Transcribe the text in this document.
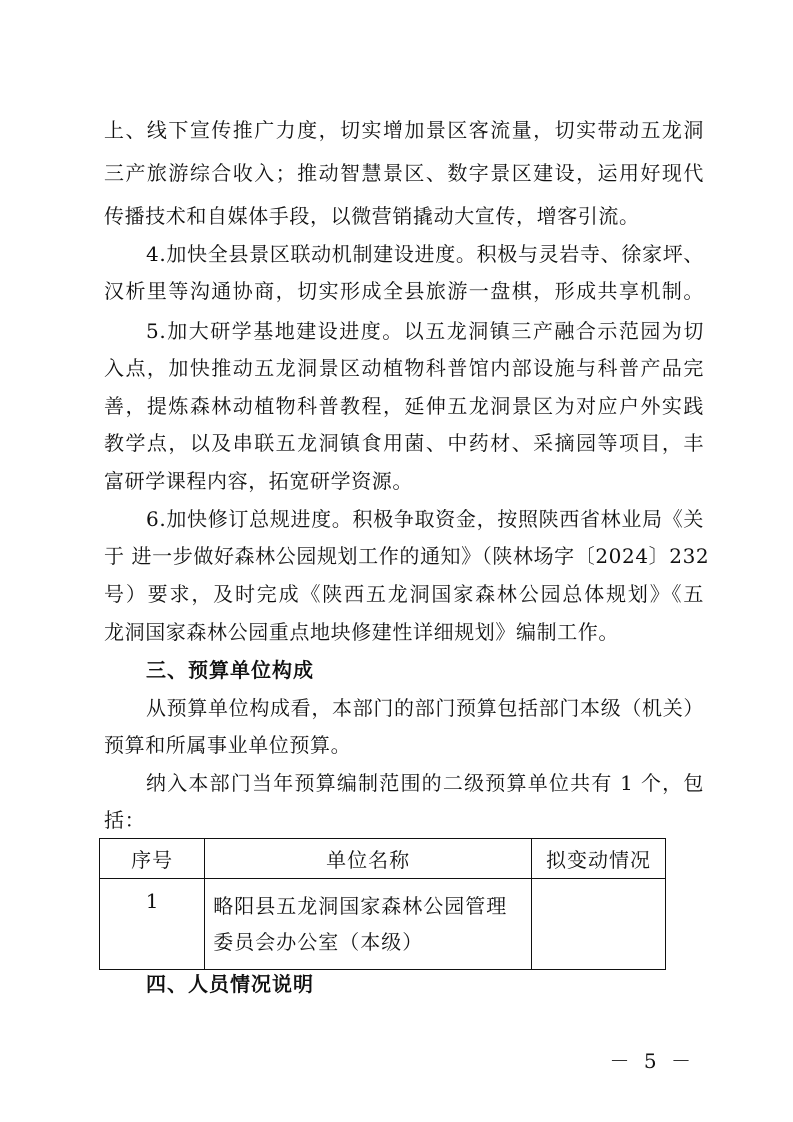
上、线下宣传推广力度，切实增加景区客流量，切实带动五龙洞
三产旅游综合收入；推动智慧景区、数字景区建设，运用好现代
传播技术和自媒体手段，以微营销撬动大宣传，增客引流。
4.加快全县景区联动机制建设进度。积极与灵岩寺、徐家坪、
汉析里等沟通协商，切实形成全县旅游一盘棋，形成共享机制。
5.加大研学基地建设进度。以五龙洞镇三产融合示范园为切
入点，加快推动五龙洞景区动植物科普馆内部设施与科普产品完
善，提炼森林动植物科普教程，延伸五龙洞景区为对应户外实践
教学点，以及串联五龙洞镇食用菌、中药材、采摘园等项目，丰
富研学课程内容，拓宽研学资源。
6.加快修订总规进度。积极争取资金，按照陕西省林业局《关
于 进一步做好森林公园规划工作的通知》（陕林场字〔2024〕232
号）要求，及时完成《陕西五龙洞国家森林公园总体规划》《五
龙洞国家森林公园重点地块修建性详细规划》编制工作。
三、预算单位构成
从预算单位构成看，本部门的部门预算包括部门本级（机关）
预算和所属事业单位预算。
纳入本部门当年预算编制范围的二级预算单位共有 1 个，包
括：
序号	单位名称	拟变动情况
1	略阳县五龙洞国家森林公园管理委员会办公室（本级）	
四、人员情况说明
－ 5 －
